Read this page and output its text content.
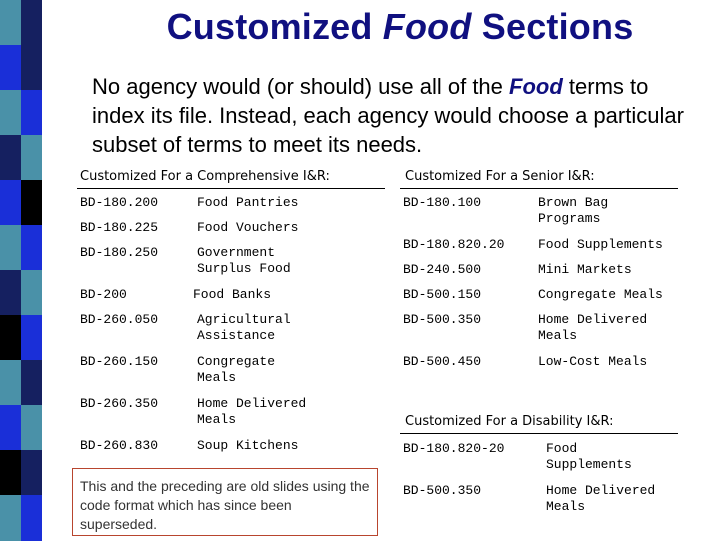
Customized Food Sections
No agency would (or should) use all of the Food terms to index its file. Instead, each agency would choose a particular subset of terms to meet its needs.
Customized For a Comprehensive I&R:
BD-180.200	Food Pantries
BD-180.225	Food Vouchers
BD-180.250	Government
Surplus Food
BD-200	Food Banks
BD-260.050	Agricultural
Assistance
BD-260.150	Congregate
Meals
BD-260.350	Home Delivered
Meals
BD-260.830	Soup Kitchens
Customized For a Senior I&R:
BD-180.100	Brown Bag
Programs
BD-180.820.20	Food Supplements
BD-240.500	Mini Markets
BD-500.150	Congregate Meals
BD-500.350	Home Delivered
Meals
BD-500.450	Low-Cost Meals
Customized For a Disability I&R:
BD-180.820-20	Food
Supplements
BD-500.350	Home Delivered
Meals
This and the preceding are old slides using the code format which has since been superseded.
